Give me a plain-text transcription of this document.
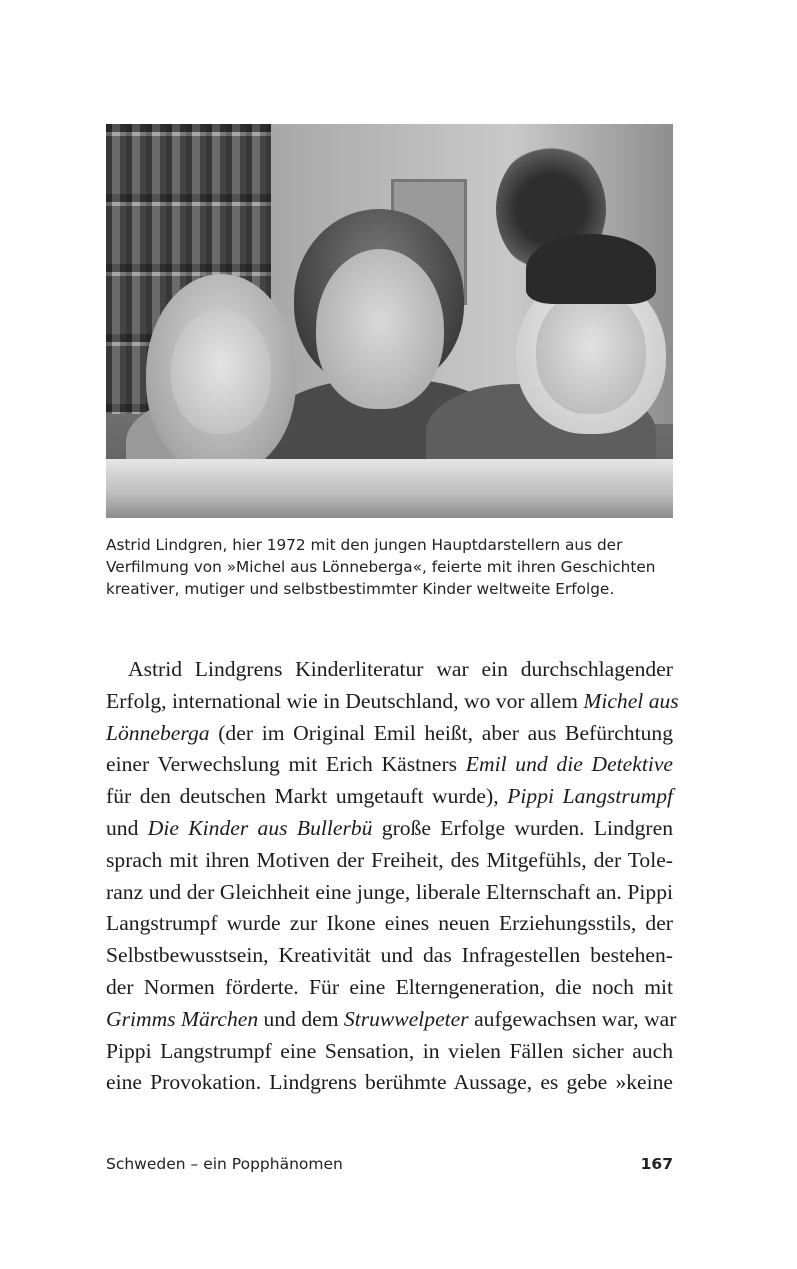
Astrid Lindgren, hier 1972 mit den jungen Hauptdarstellern aus der
Verfilmung von »Michel aus Lönneberga«, feierte mit ihren Geschichten
kreativer, mutiger und selbstbestimmter Kinder weltweite Erfolge.
Astrid Lindgrens Kinderliteratur war ein durchschlagender
Erfolg, international wie in Deutschland, wo vor allem Michel aus
Lönneberga (der im Original Emil heißt, aber aus Befürchtung
einer Verwechslung mit Erich Kästners Emil und die Detektive
für den deutschen Markt umgetauft wurde), Pippi Langstrumpf
und Die Kinder aus Bullerbü große Erfolge wurden. Lindgren
sprach mit ihren Motiven der Freiheit, des Mitgefühls, der Tole-
ranz und der Gleichheit eine junge, liberale Elternschaft an. Pippi
Langstrumpf wurde zur Ikone eines neuen Erziehungsstils, der
Selbstbewusstsein, Kreativität und das Infragestellen bestehen-
der Normen förderte. Für eine Elterngeneration, die noch mit
Grimms Märchen und dem Struwwelpeter aufgewachsen war, war
Pippi Langstrumpf eine Sensation, in vielen Fällen sicher auch
eine Provokation. Lindgrens berühmte Aussage, es gebe »keine
Schweden – ein Popphänomen	167
